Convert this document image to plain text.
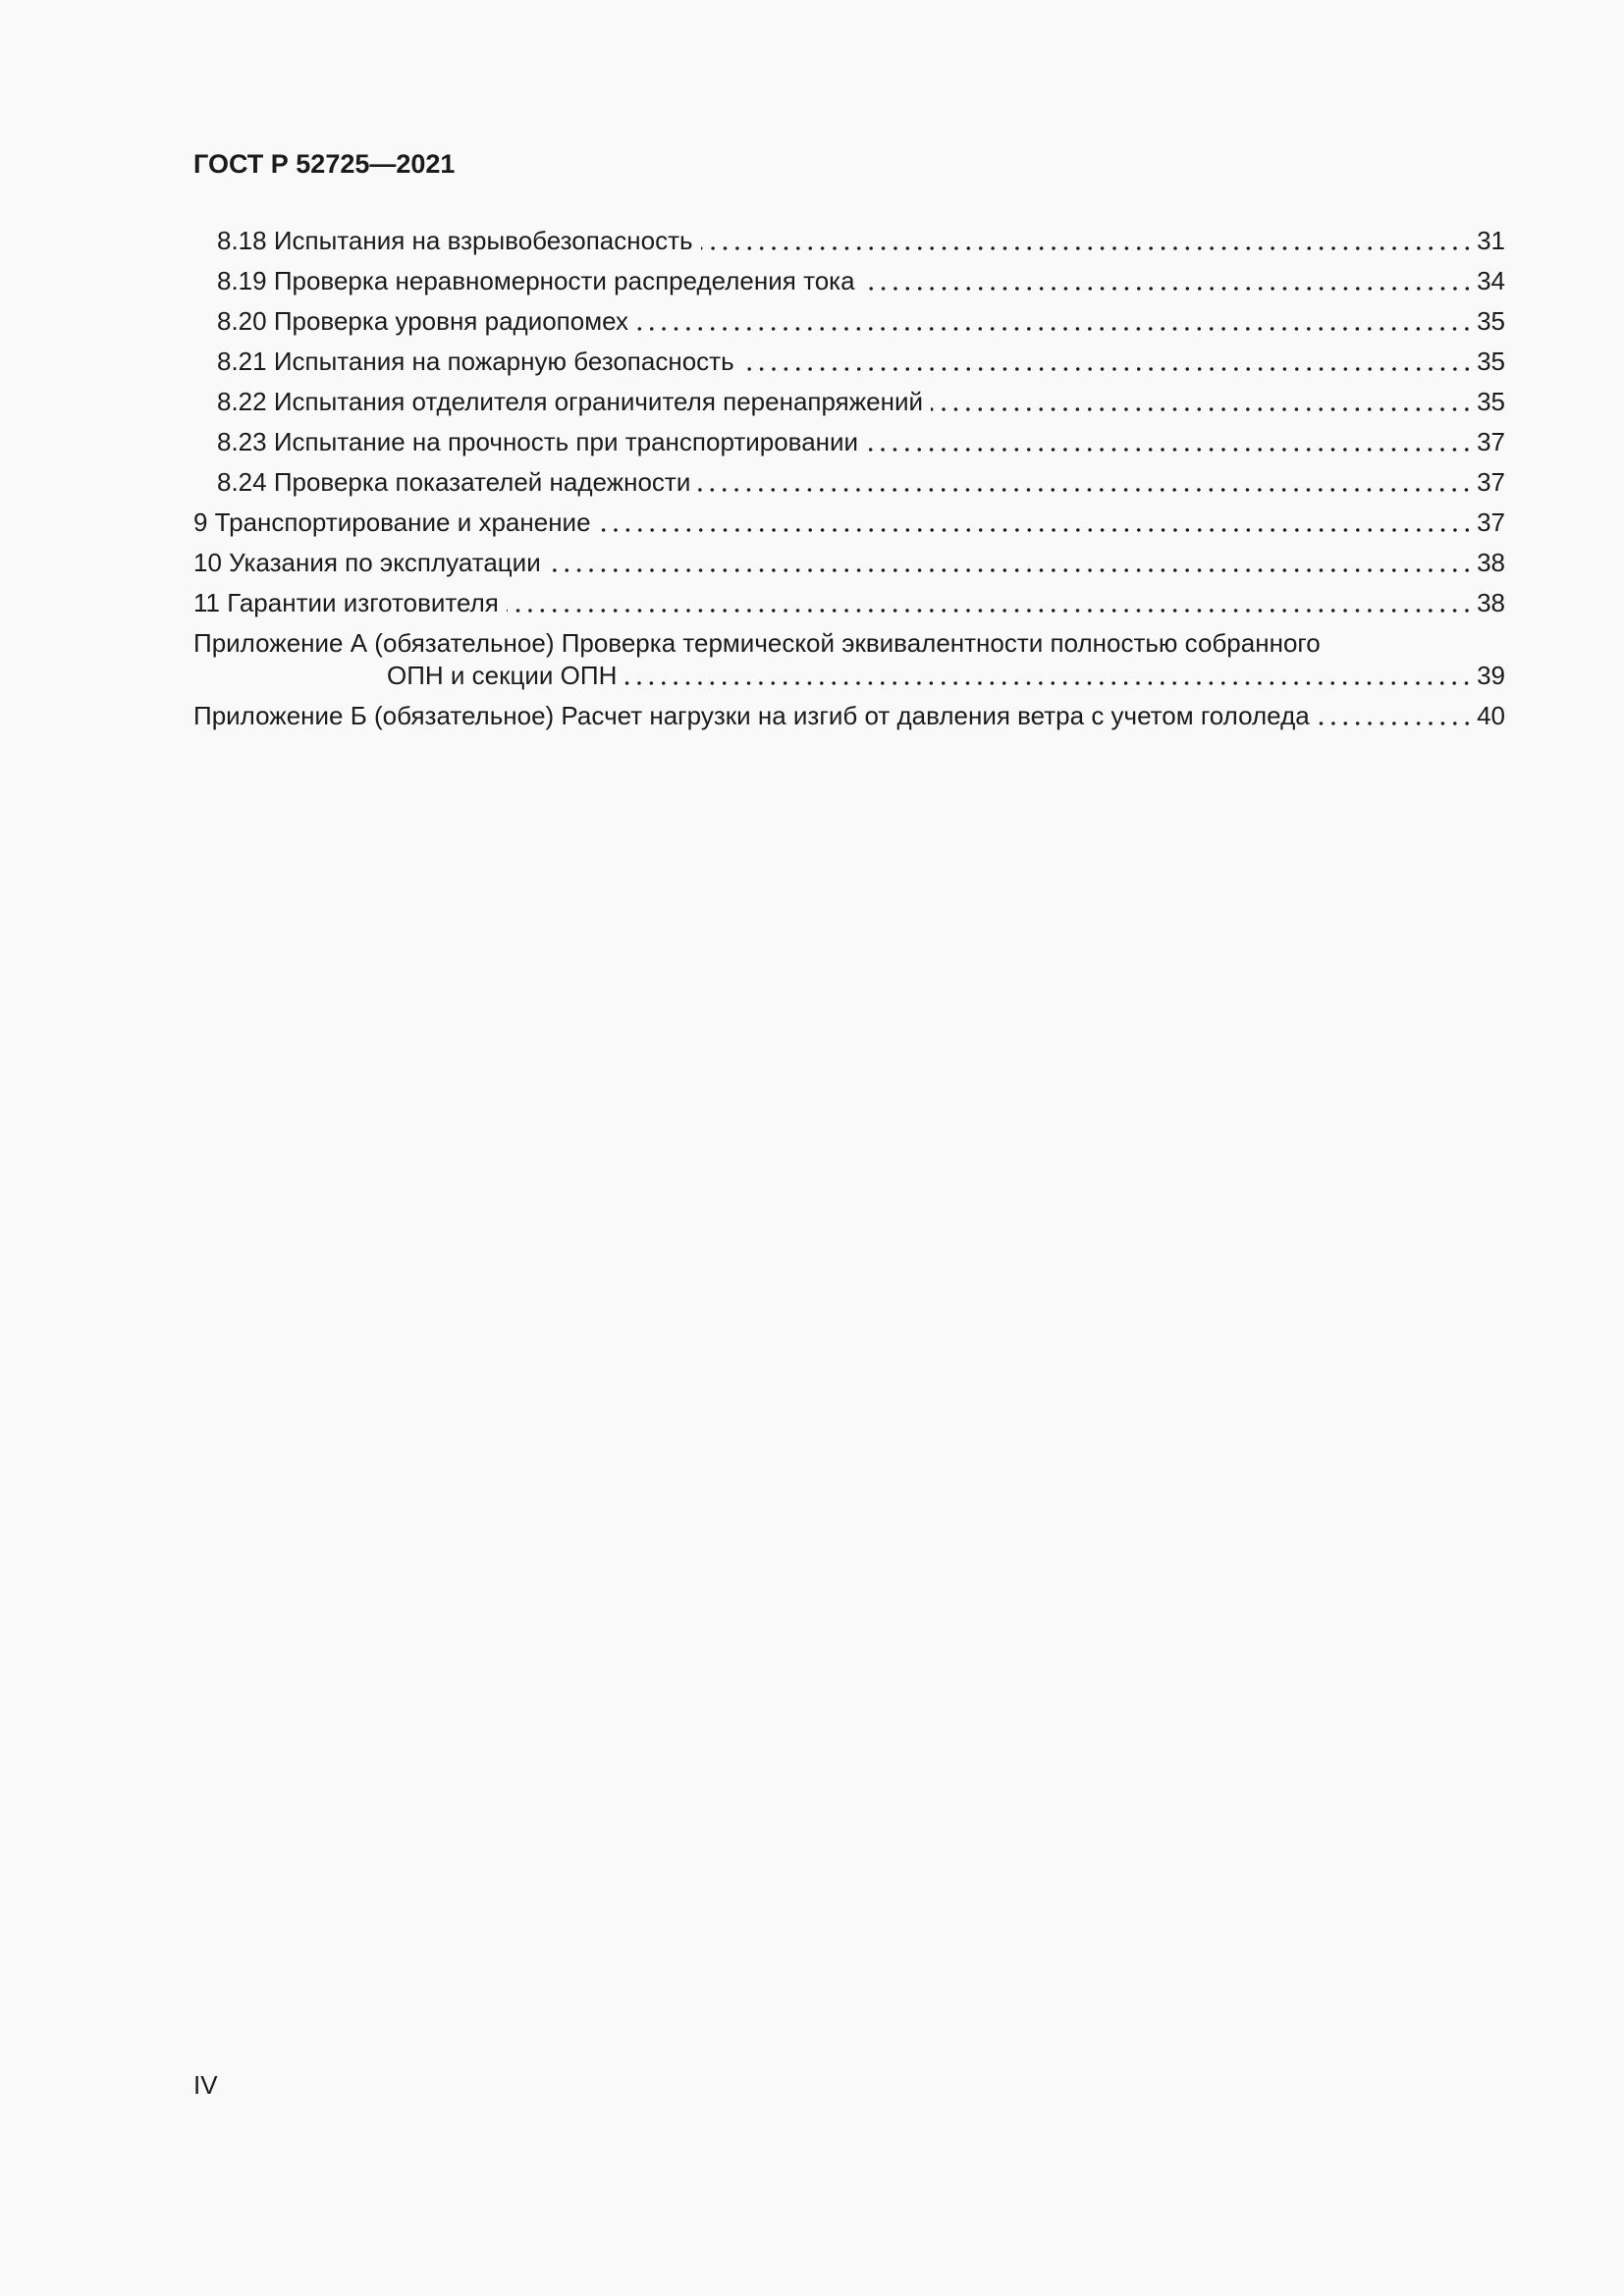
ГОСТ Р 52725—2021
8.18 Испытания на взрывобезопасность	31
8.19 Проверка неравномерности распределения тока	34
8.20 Проверка уровня радиопомех	35
8.21 Испытания на пожарную безопасность	35
8.22 Испытания отделителя ограничителя перенапряжений	35
8.23 Испытание на прочность при транспортировании	37
8.24 Проверка показателей надежности	37
9 Транспортирование и хранение	37
10 Указания по эксплуатации	38
11 Гарантии изготовителя	38
Приложение А (обязательное) Проверка термической эквивалентности полностью собранного
ОПН и секции ОПН	39
Приложение Б (обязательное) Расчет нагрузки на изгиб от давления ветра с учетом гололеда	40
IV
